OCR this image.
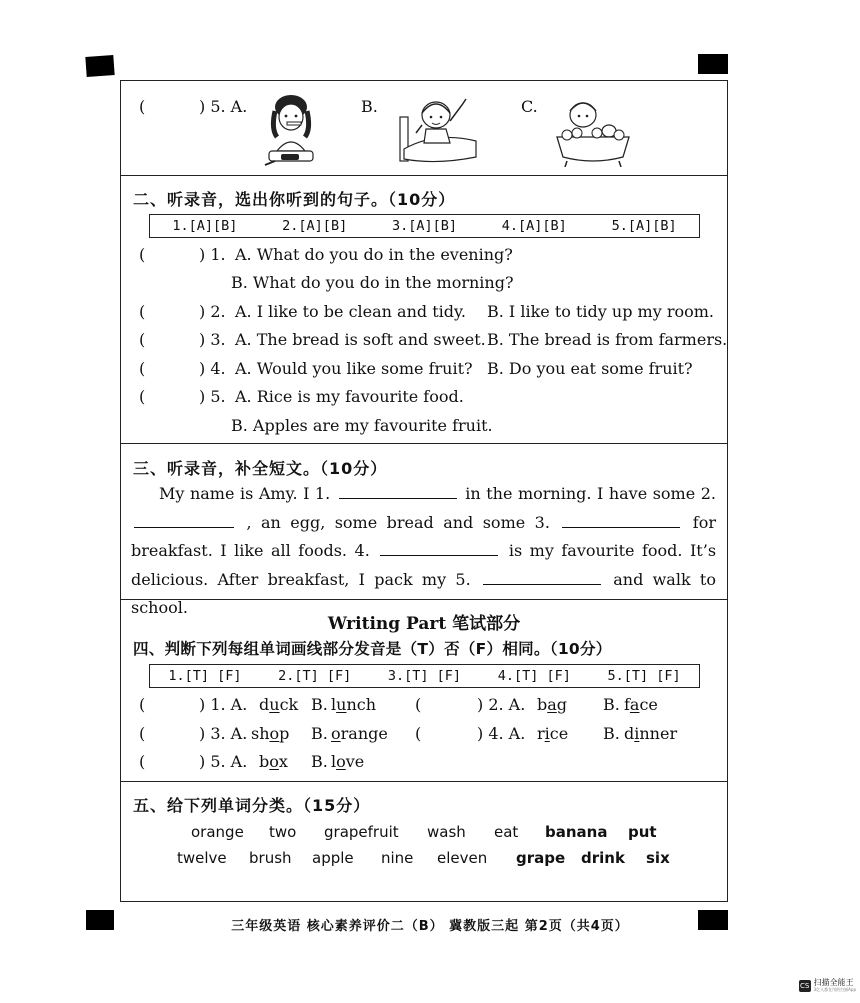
(	) 5. A.	B.	C.
二、听录音，选出你听到的句子。（10分）
1.[A][B]	2.[A][B]	3.[A][B]	4.[A][B]	5.[A][B]
(	) 1. A. What do you do in the evening?
B. What do you do in the morning?
(	) 2. A. I like to be clean and tidy. B. I like to tidy up my room.
(	) 3. A. The bread is soft and sweet. B. The bread is from farmers.
(	) 4. A. Would you like some fruit? B. Do you eat some fruit?
(	) 5. A. Rice is my favourite food.
B. Apples are my favourite fruit.
三、听录音，补全短文。（10分）
My name is Amy. I 1.	in the morning. I have some 2.  , an egg, some bread and some 3.	for breakfast. I like all foods. 4.	is my favourite food. It’s delicious. After breakfast, I pack my 5.	and walk to school.
Writing Part 笔试部分
四、判断下列每组单词画线部分发音是（T）否（F）相同。（10分）
1.[T] [F]	2.[T] [F]	3.[T] [F]	4.[T] [F]	5.[T] [F]
(	) 1. A. duck B. lunch (	) 2. A. bag B. face
(	) 3. A. shop B. orange (	) 4. A. rice B. dinner
(	) 5. A. box B. love
五、给下列单词分类。（15分）
orange two grapefruit wash eat banana put
twelve brush apple nine eleven grape drink six
三年级英语 核心素养评价二（B） 冀教版三起 第2页（共4页）
CS 扫描全能王
3亿人都在用的扫描App
